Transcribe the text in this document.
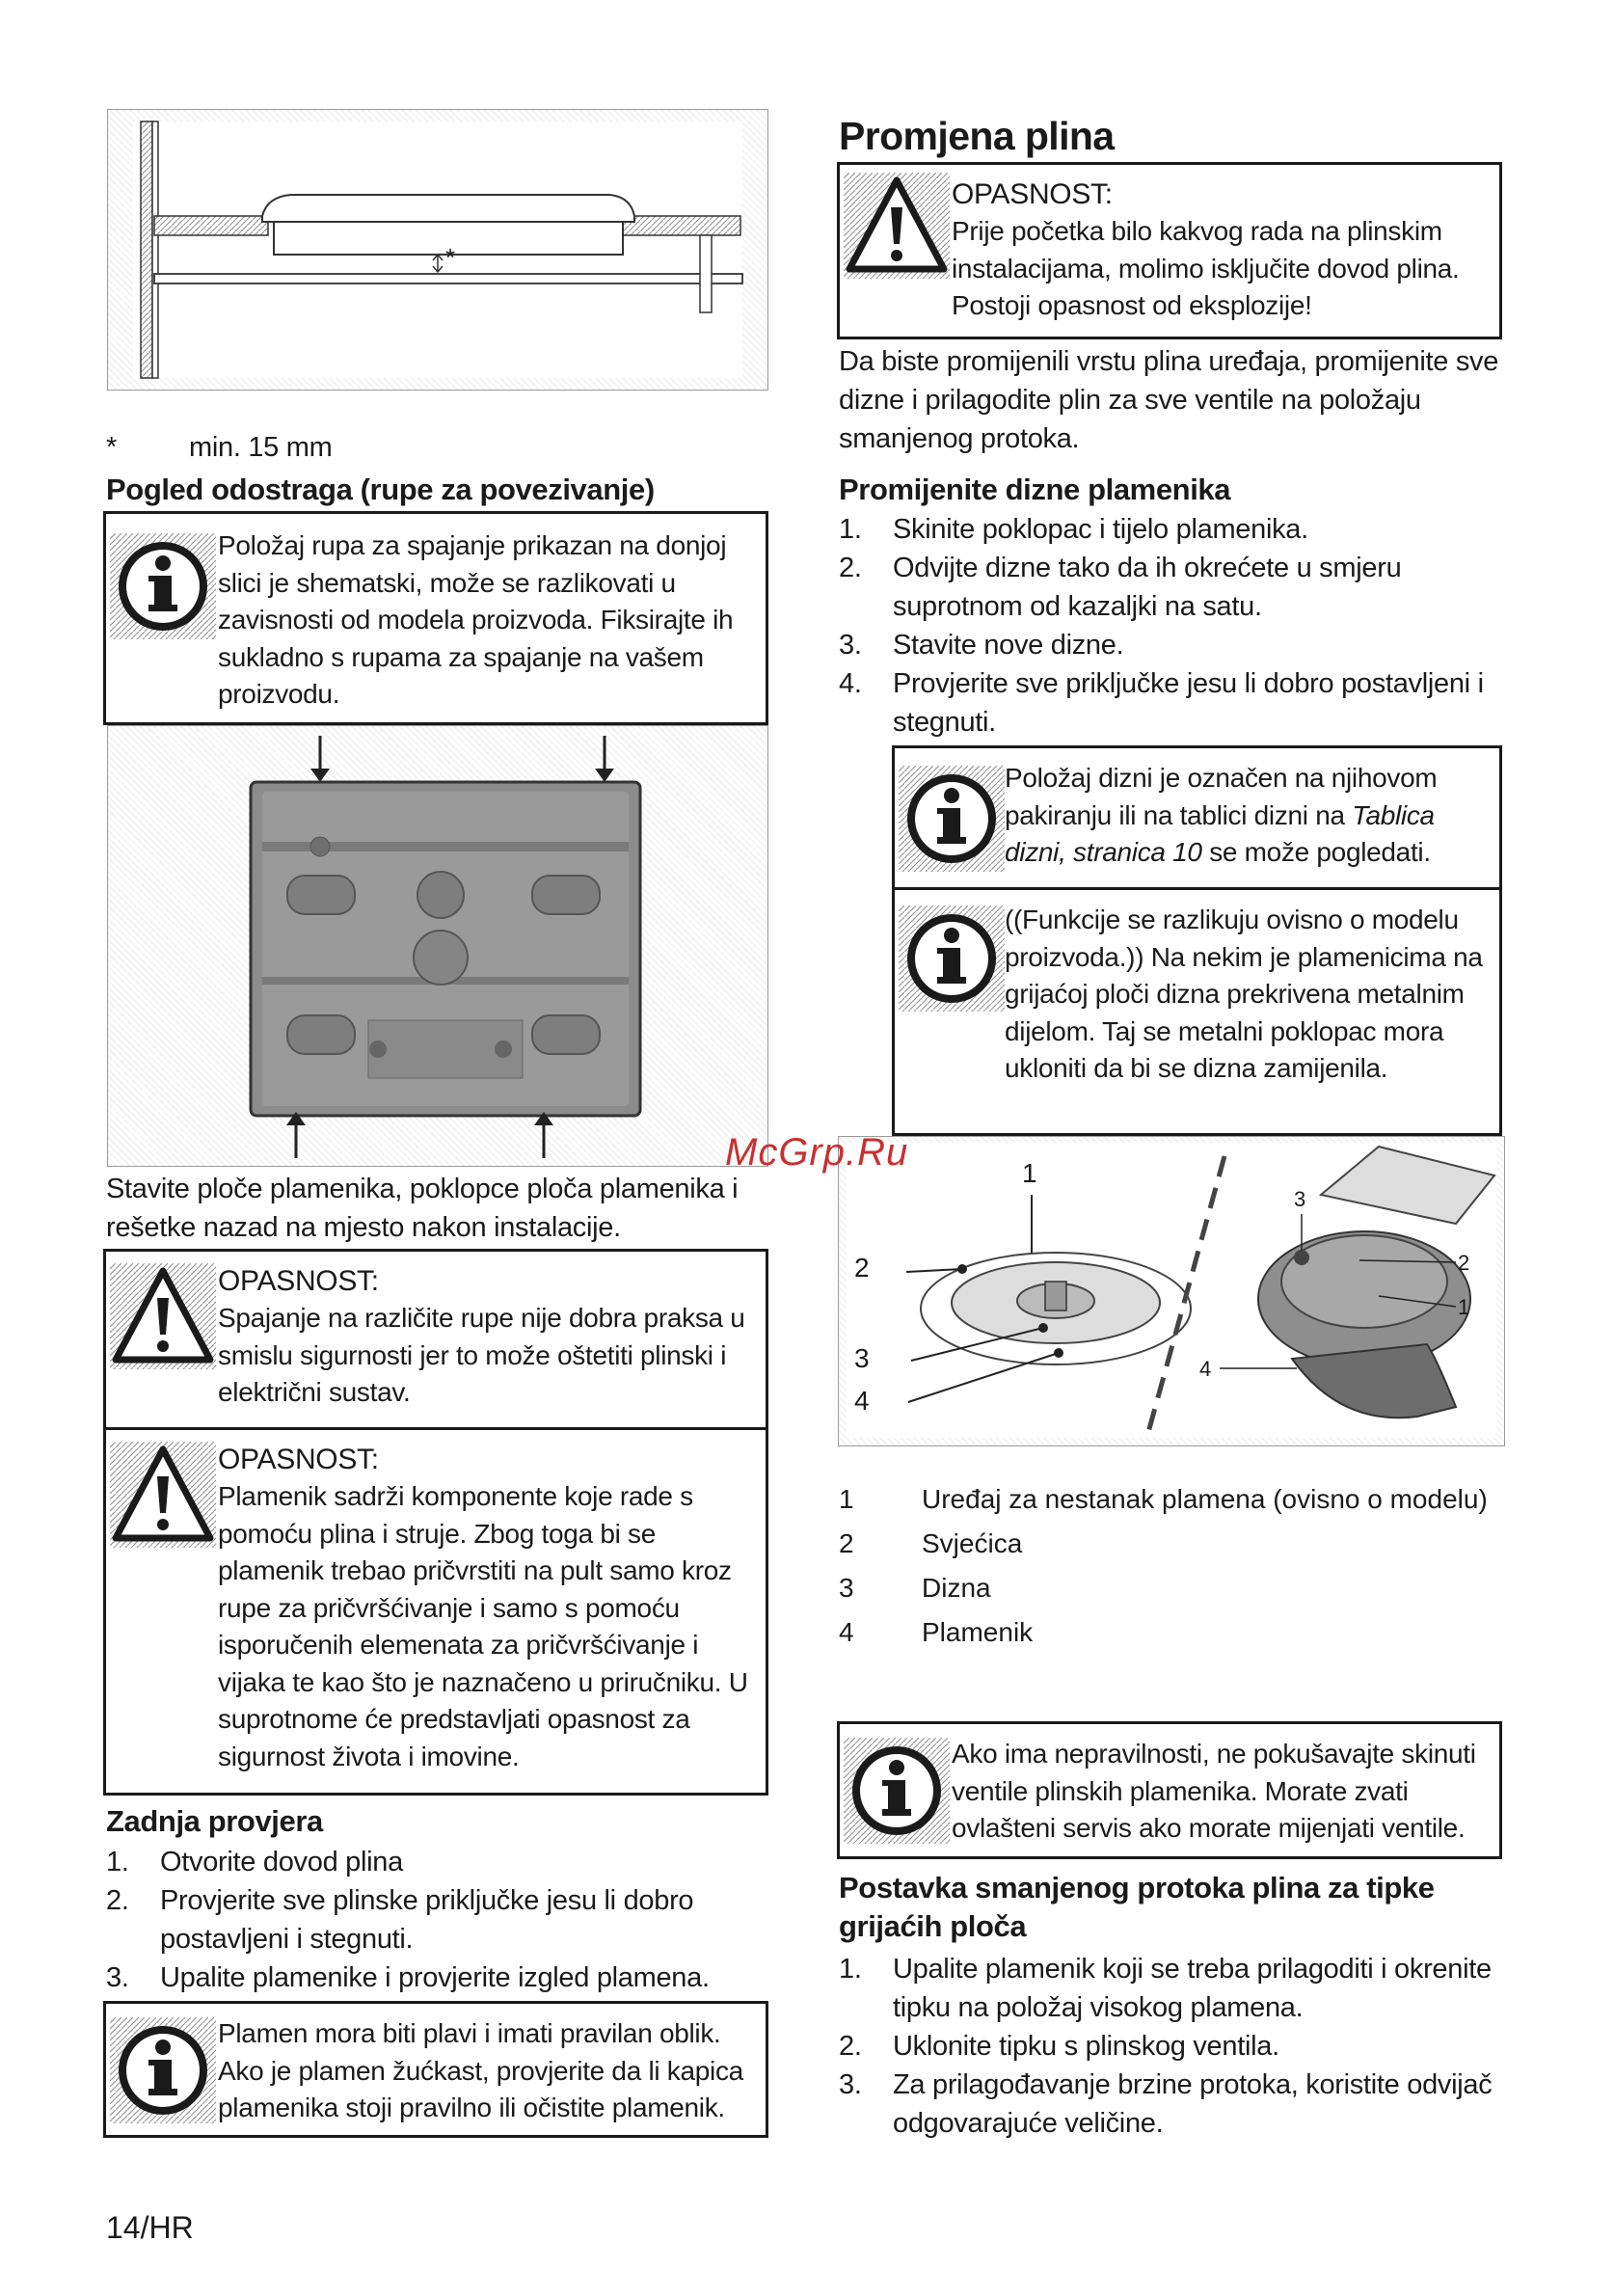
*
*	min. 15 mm
Pogled odostraga (rupe za povezivanje)
Položaj rupa za spajanje prikazan na donjoj slici je shematski, može se razlikovati u zavisnosti od modela proizvoda. Fiksirajte ih sukladno s rupama za spajanje na vašem proizvodu.
Stavite ploče plamenika, poklopce ploča plamenika i rešetke nazad na mjesto nakon instalacije.
OPASNOST:
Spajanje na različite rupe nije dobra praksa u smislu sigurnosti jer to može oštetiti plinski i električni sustav.
OPASNOST:
Plamenik sadrži komponente koje rade s pomoću plina i struje. Zbog toga bi se plamenik trebao pričvrstiti na pult samo kroz rupe za pričvršćivanje i samo s pomoću isporučenih elemenata za pričvršćivanje i vijaka te kao što je naznačeno u priručniku. U suprotnome će predstavljati opasnost za sigurnost života i imovine.
Zadnja provjera
1. Otvorite dovod plina
2. Provjerite sve plinske priključke jesu li dobro postavljeni i stegnuti.
3. Upalite plamenike i provjerite izgled plamena.
Plamen mora biti plavi i imati pravilan oblik. Ako je plamen žućkast, provjerite da li kapica plamenika stoji pravilno ili očistite plamenik.
14/HR
Promjena plina
OPASNOST:
Prije početka bilo kakvog rada na plinskim instalacijama, molimo isključite dovod plina. Postoji opasnost od eksplozije!
Da biste promijenili vrstu plina uređaja, promijenite sve dizne i prilagodite plin za sve ventile na položaju smanjenog protoka.
Promijenite dizne plamenika
1. Skinite poklopac i tijelo plamenika.
2. Odvijte dizne tako da ih okrećete u smjeru suprotnom od kazaljki na satu.
3. Stavite nove dizne.
4. Provjerite sve priključke jesu li dobro postavljeni i stegnuti.
Položaj dizni je označen na njihovom pakiranju ili na tablici dizni na Tablica dizni, stranica 10 se može pogledati.
((Funkcije se razlikuju ovisno o modelu proizvoda.)) Na nekim je plamenicima na grijaćoj ploči dizna prekrivena metalnim dijelom. Taj se metalni poklopac mora ukloniti da bi se dizna zamijenila.
1
2
3
4
3
2
1
4
1	Uređaj za nestanak plamena (ovisno o modelu)
2	Svjećica
3	Dizna
4	Plamenik
Ako ima nepravilnosti, ne pokušavajte skinuti ventile plinskih plamenika. Morate zvati ovlašteni servis ako morate mijenjati ventile.
Postavka smanjenog protoka plina za tipke grijaćih ploča
1. Upalite plamenik koji se treba prilagoditi i okrenite tipku na položaj visokog plamena.
2. Uklonite tipku s plinskog ventila.
3. Za prilagođavanje brzine protoka, koristite odvijač odgovarajuće veličine.
McGrp.Ru
